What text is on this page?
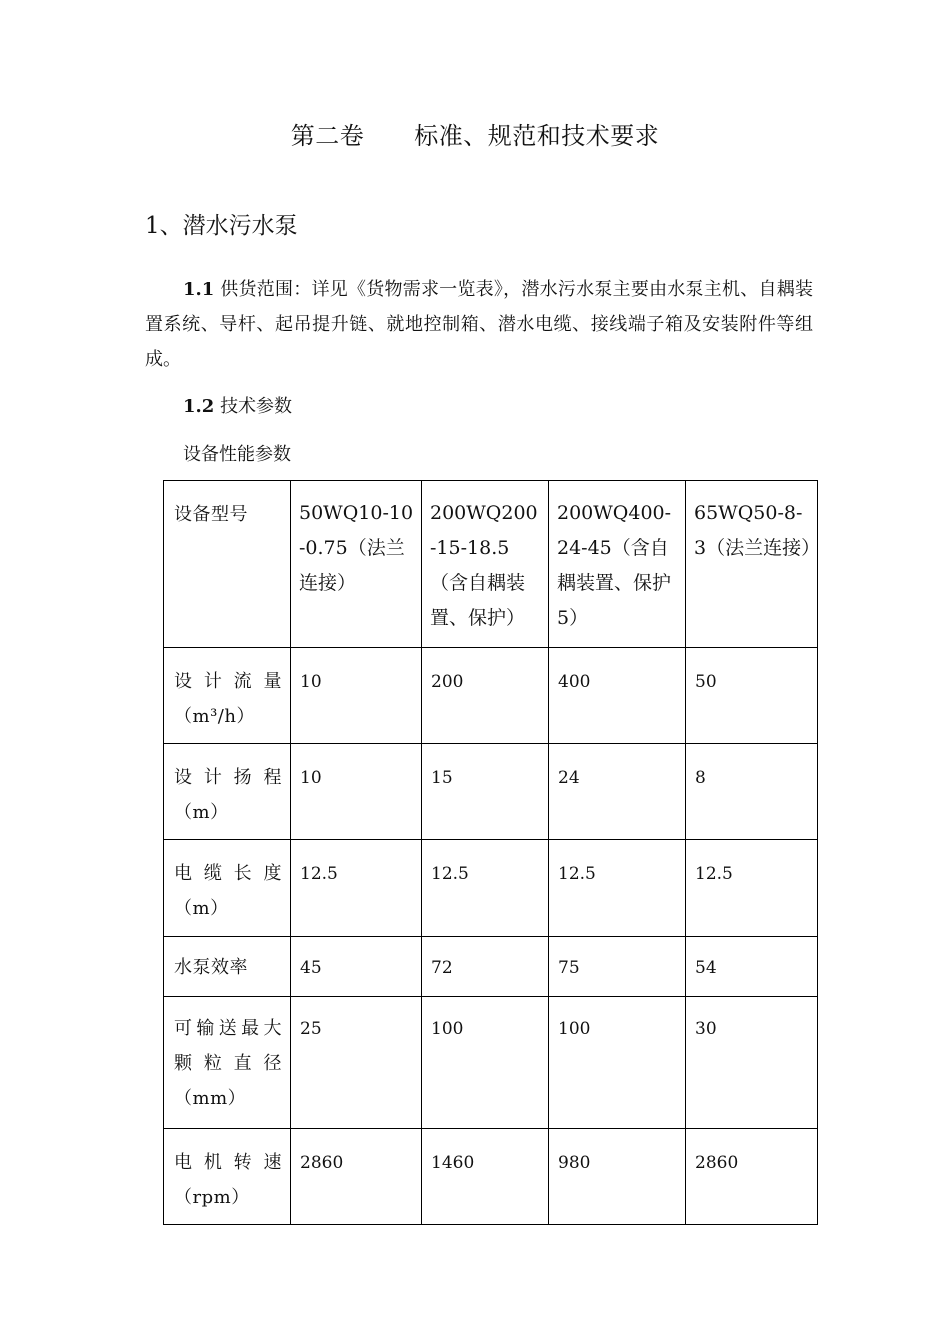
第二卷 标准、规范和技术要求
1、潜水污水泵
1.1 供货范围：详见《货物需求一览表》，潜水污水泵主要由水泵主机、自耦装置系统、导杆、起吊提升链、就地控制箱、潜水电缆、接线端子箱及安装附件等组成。
1.2 技术参数
设备性能参数
设备型号	50WQ10-10-0.75（法兰连接）	200WQ200-15-18.5（含自耦装置、保护）	200WQ400-24-45（含自耦装置、保护 5）	65WQ50-8-3（法兰连接）

设计流量
（m³/h）	10	200	400	50

设计扬程
（m）	10	15	24	8

电缆长度
（m）	12.5	12.5	12.5	12.5

水泵效率	45	72	75	54

可输送最大颗粒直径
（mm）	25	100	100	30

电机转速
（rpm）	2860	1460	980	2860
